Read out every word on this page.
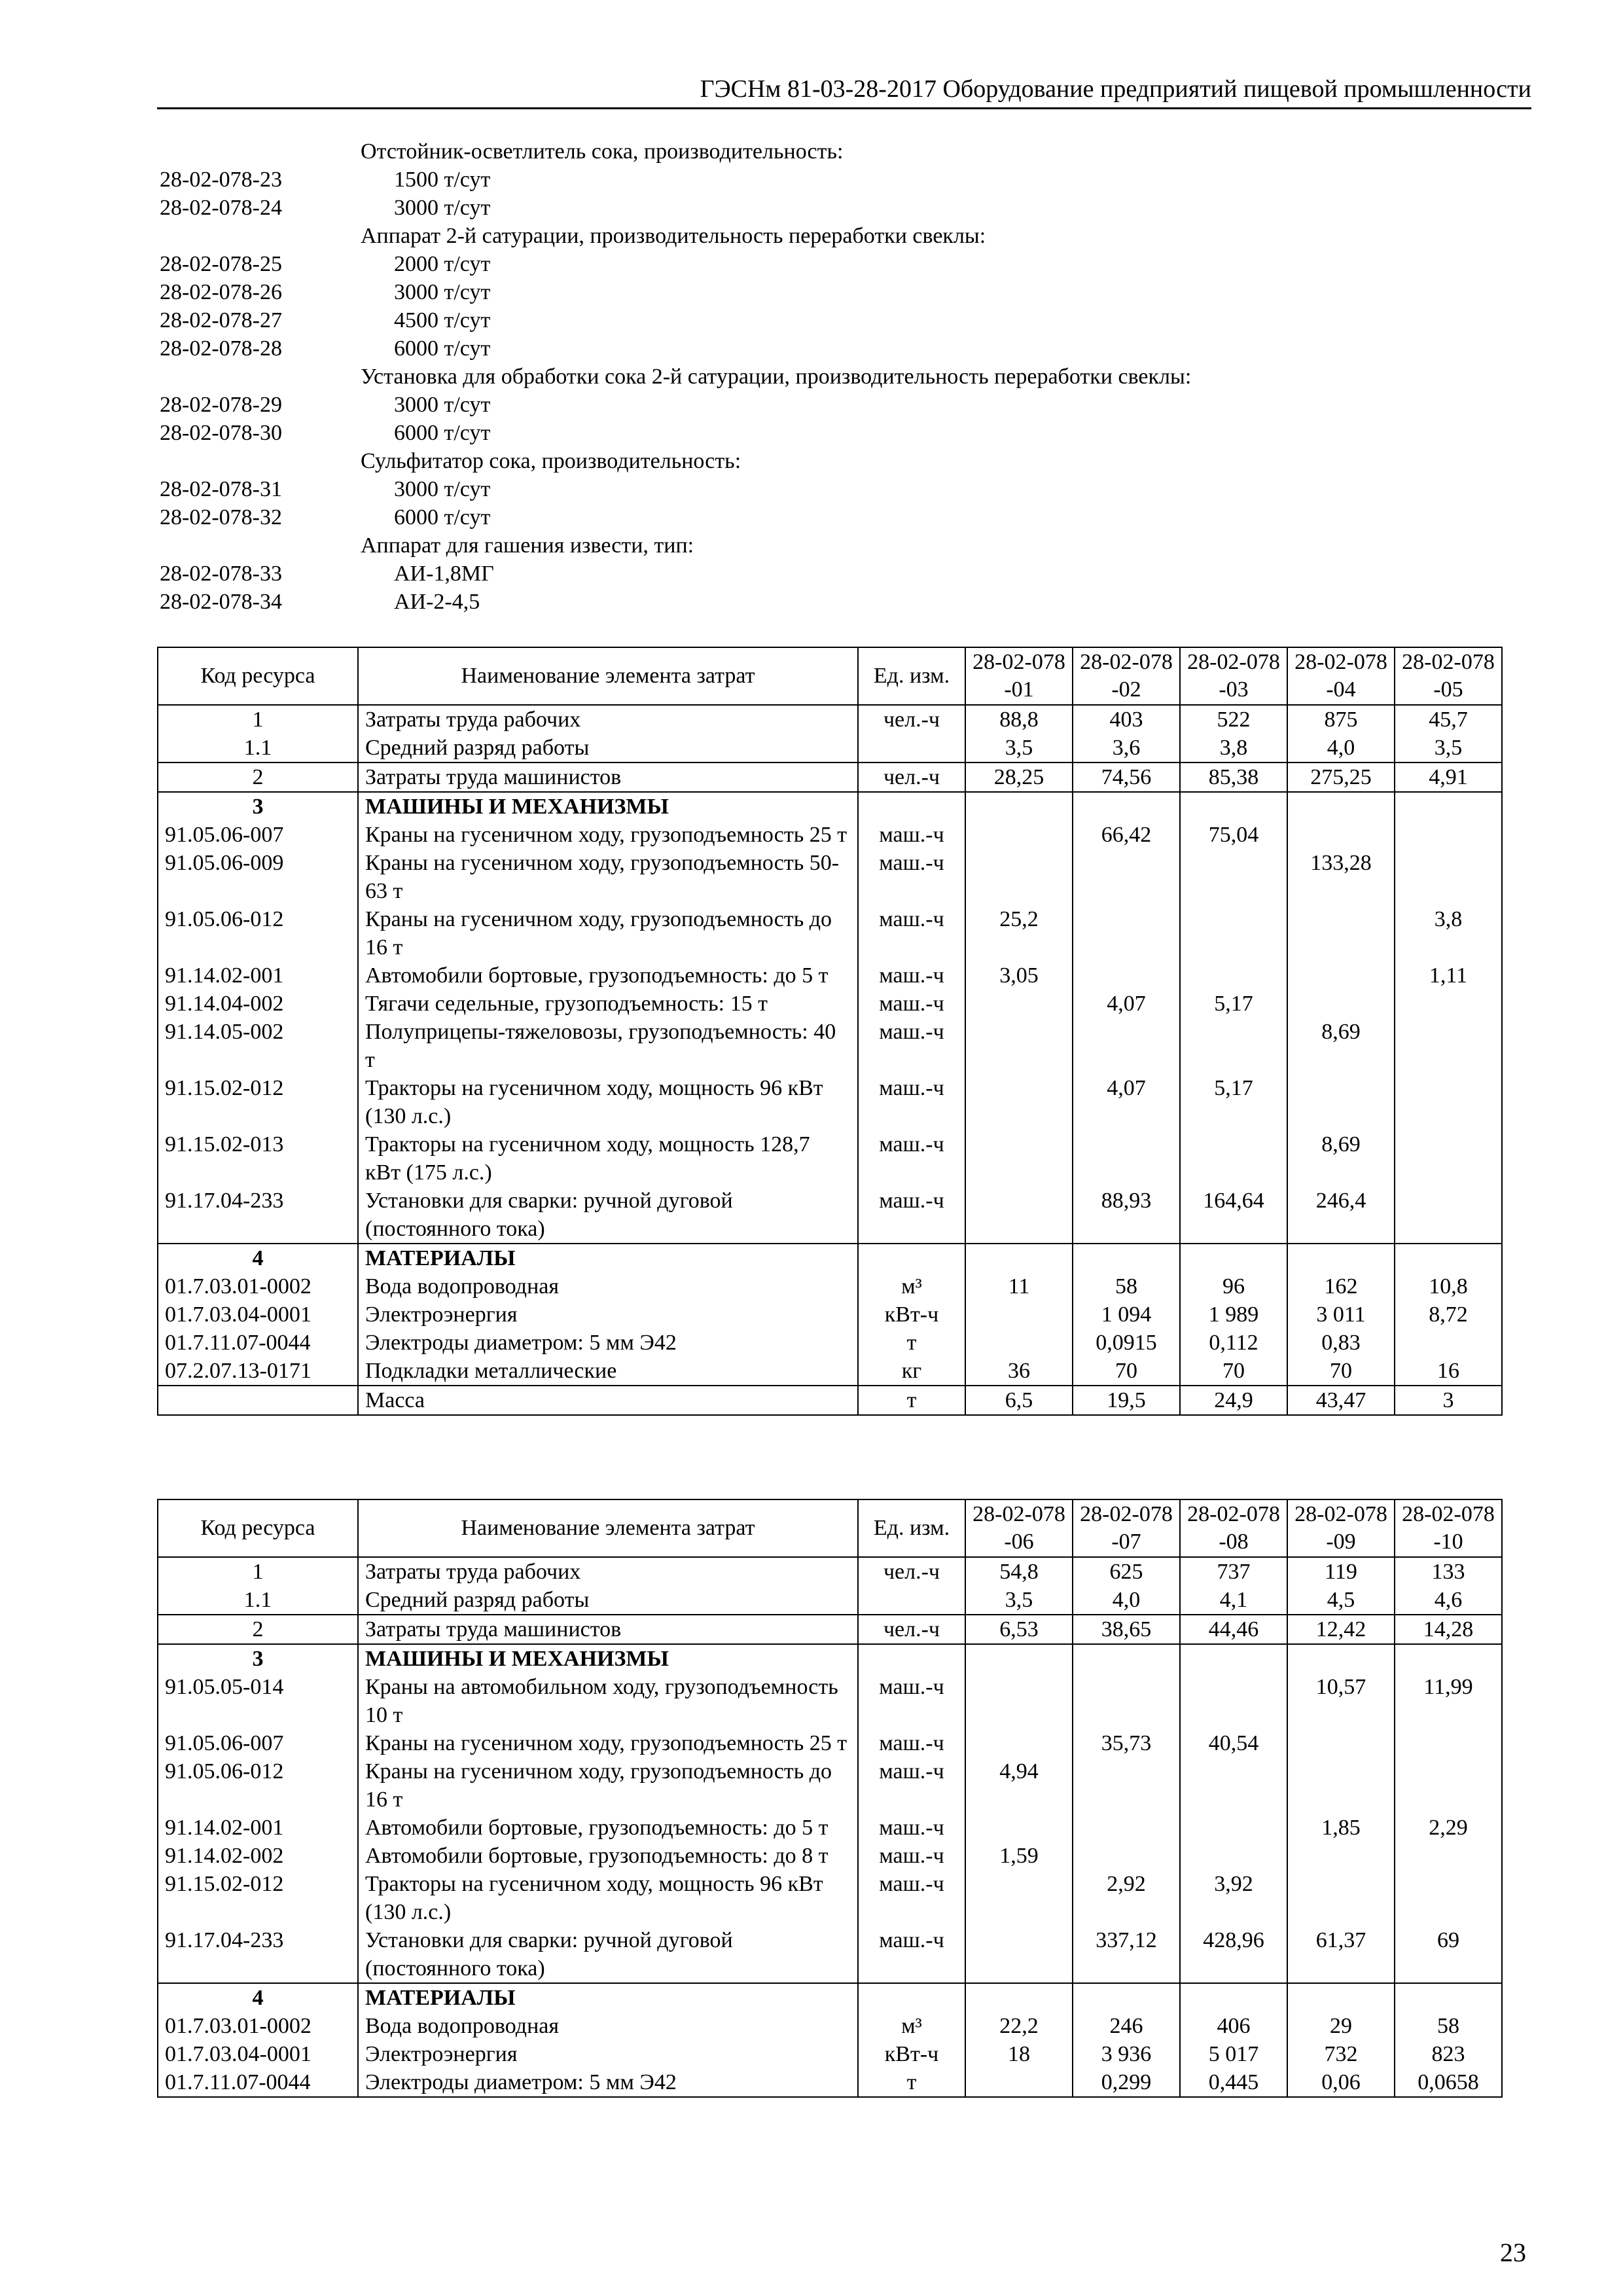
ГЭСНм 81-03-28-2017 Оборудование предприятий пищевой промышленности
Отстойник-осветлитель сока, производительность:
28-02-078-23	1500 т/сут
28-02-078-24	3000 т/сут
Аппарат 2-й сатурации, производительность переработки свеклы:
28-02-078-25	2000 т/сут
28-02-078-26	3000 т/сут
28-02-078-27	4500 т/сут
28-02-078-28	6000 т/сут
Установка для обработки сока 2-й сатурации, производительность переработки свеклы:
28-02-078-29	3000 т/сут
28-02-078-30	6000 т/сут
Сульфитатор сока, производительность:
28-02-078-31	3000 т/сут
28-02-078-32	6000 т/сут
Аппарат для гашения извести, тип:
28-02-078-33	АИ-1,8МГ
28-02-078-34	АИ-2-4,5
Код ресурса	Наименование элемента затрат	Ед. изм.	28-02-078-01	28-02-078-02	28-02-078-03	28-02-078-04	28-02-078-05
1	Затраты труда рабочих	чел.-ч	88,8	403	522	875	45,7
1.1	Средний разряд работы		3,5	3,6	3,8	4,0	3,5
2	Затраты труда машинистов	чел.-ч	28,25	74,56	85,38	275,25	4,91
3	МАШИНЫ И МЕХАНИЗМЫ						
91.05.06-007	Краны на гусеничном ходу, грузоподъемность 25 т	маш.-ч		66,42	75,04		
91.05.06-009	Краны на гусеничном ходу, грузоподъемность 50-63 т	маш.-ч				133,28	
91.05.06-012	Краны на гусеничном ходу, грузоподъемность до 16 т	маш.-ч	25,2				3,8
91.14.02-001	Автомобили бортовые, грузоподъемность: до 5 т	маш.-ч	3,05				1,11
91.14.04-002	Тягачи седельные, грузоподъемность: 15 т	маш.-ч		4,07	5,17		
91.14.05-002	Полуприцепы-тяжеловозы, грузоподъемность: 40 т	маш.-ч				8,69	
91.15.02-012	Тракторы на гусеничном ходу, мощность 96 кВт (130 л.с.)	маш.-ч		4,07	5,17		
91.15.02-013	Тракторы на гусеничном ходу, мощность 128,7 кВт (175 л.с.)	маш.-ч				8,69	
91.17.04-233	Установки для сварки: ручной дуговой (постоянного тока)	маш.-ч		88,93	164,64	246,4	
4	МАТЕРИАЛЫ						
01.7.03.01-0002	Вода водопроводная	м³	11	58	96	162	10,8
01.7.03.04-0001	Электроэнергия	кВт-ч		1 094	1 989	3 011	8,72
01.7.11.07-0044	Электроды диаметром: 5 мм Э42	т		0,0915	0,112	0,83	
07.2.07.13-0171	Подкладки металлические	кг	36	70	70	70	16
	Масса	т	6,5	19,5	24,9	43,47	3
Код ресурса	Наименование элемента затрат	Ед. изм.	28-02-078-06	28-02-078-07	28-02-078-08	28-02-078-09	28-02-078-10
1	Затраты труда рабочих	чел.-ч	54,8	625	737	119	133
1.1	Средний разряд работы		3,5	4,0	4,1	4,5	4,6
2	Затраты труда машинистов	чел.-ч	6,53	38,65	44,46	12,42	14,28
3	МАШИНЫ И МЕХАНИЗМЫ						
91.05.05-014	Краны на автомобильном ходу, грузоподъемность 10 т	маш.-ч				10,57	11,99
91.05.06-007	Краны на гусеничном ходу, грузоподъемность 25 т	маш.-ч		35,73	40,54		
91.05.06-012	Краны на гусеничном ходу, грузоподъемность до 16 т	маш.-ч	4,94				
91.14.02-001	Автомобили бортовые, грузоподъемность: до 5 т	маш.-ч				1,85	2,29
91.14.02-002	Автомобили бортовые, грузоподъемность: до 8 т	маш.-ч	1,59				
91.15.02-012	Тракторы на гусеничном ходу, мощность 96 кВт (130 л.с.)	маш.-ч		2,92	3,92		
91.17.04-233	Установки для сварки: ручной дуговой (постоянного тока)	маш.-ч		337,12	428,96	61,37	69
4	МАТЕРИАЛЫ						
01.7.03.01-0002	Вода водопроводная	м³	22,2	246	406	29	58
01.7.03.04-0001	Электроэнергия	кВт-ч	18	3 936	5 017	732	823
01.7.11.07-0044	Электроды диаметром: 5 мм Э42	т		0,299	0,445	0,06	0,0658
23
